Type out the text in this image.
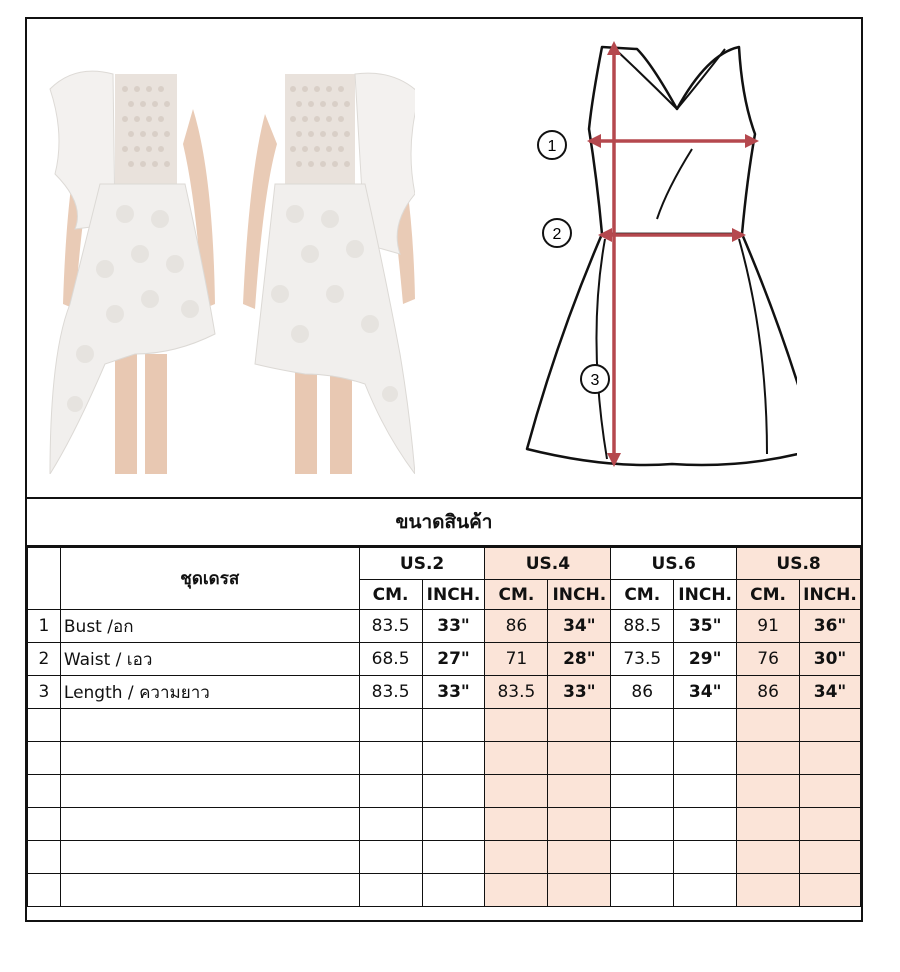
1
2
3
ขนาดสินค้า
	ชุดเดรส	US.2		US.4		US.6		US.8	
		CM.	INCH.	CM.	INCH.	CM.	INCH.	CM.	INCH.
1	Bust /อก	83.5	33"	86	34"	88.5	35"	91	36"
2	Waist / เอว	68.5	27"	71	28"	73.5	29"	76	30"
3	Length / ความยาว	83.5	33"	83.5	33"	86	34"	86	34"
